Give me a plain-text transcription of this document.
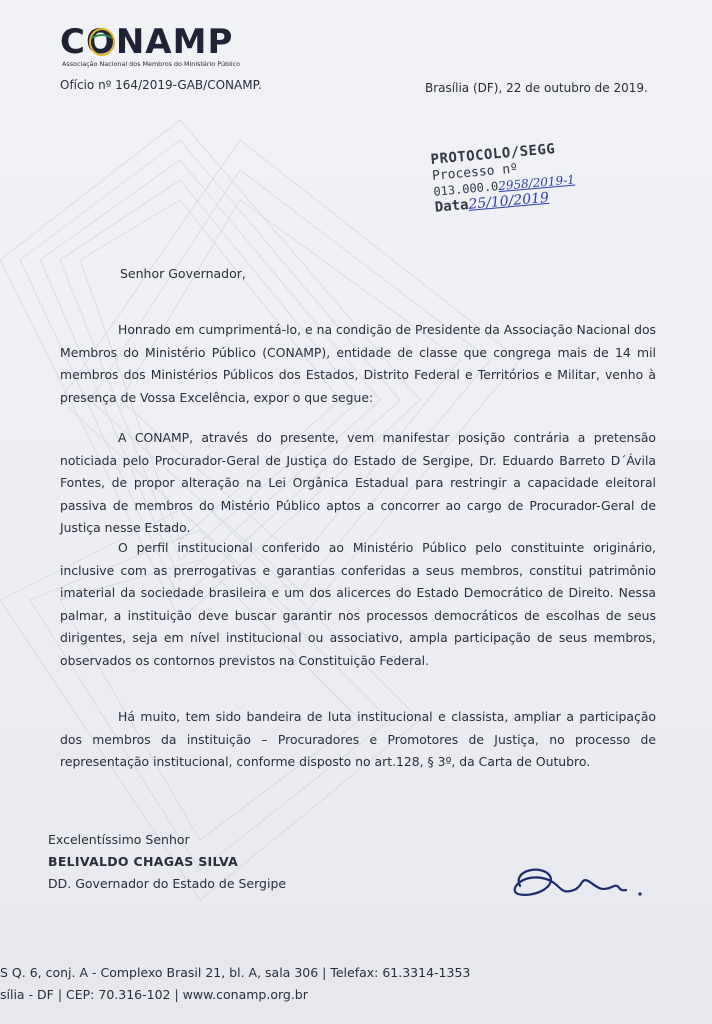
CONAMP
Associação Nacional dos Membros do Ministério Público
Ofício nº 164/2019-GAB/CONAMP.	Brasília (DF), 22 de outubro de 2019.
PROTOCOLO/SEGG
Processo nº
013.000.02958/2019-1
Data25/10/2019
Senhor Governador,

Honrado em cumprimentá-lo, e na condição de Presidente da Associação Nacional dos Membros do Ministério Público (CONAMP), entidade de classe que congrega mais de 14 mil membros dos Ministérios Públicos dos Estados, Distrito Federal e Territórios e Militar, venho à presença de Vossa Excelência, expor o que segue:

A CONAMP, através do presente, vem manifestar posição contrária a pretensão noticiada pelo Procurador-Geral de Justiça do Estado de Sergipe, Dr. Eduardo Barreto D´Ávila Fontes, de propor alteração na Lei Orgânica Estadual para restringir a capacidade eleitoral passiva de membros do Mistério Público aptos a concorrer ao cargo de Procurador-Geral de Justiça nesse Estado.

O perfil institucional conferido ao Ministério Público pelo constituinte originário, inclusive com as prerrogativas e garantias conferidas a seus membros, constitui patrimônio imaterial da sociedade brasileira e um dos alicerces do Estado Democrático de Direito. Nessa palmar, a instituição deve buscar garantir nos processos democráticos de escolhas de seus dirigentes, seja em nível institucional ou associativo, ampla participação de seus membros, observados os contornos previstos na Constituição Federal.

Há muito, tem sido bandeira de luta institucional e classista, ampliar a participação dos membros da instituição – Procuradores e Promotores de Justiça, no processo de representação institucional, conforme disposto no art.128, § 3º, da Carta de Outubro.

Excelentíssimo Senhor
BELIVALDO CHAGAS SILVA
DD. Governador do Estado de Sergipe
S Q. 6, conj. A - Complexo Brasil 21, bl. A, sala 306 | Telefax: 61.3314-1353
sília - DF | CEP: 70.316-102 | www.conamp.org.br
